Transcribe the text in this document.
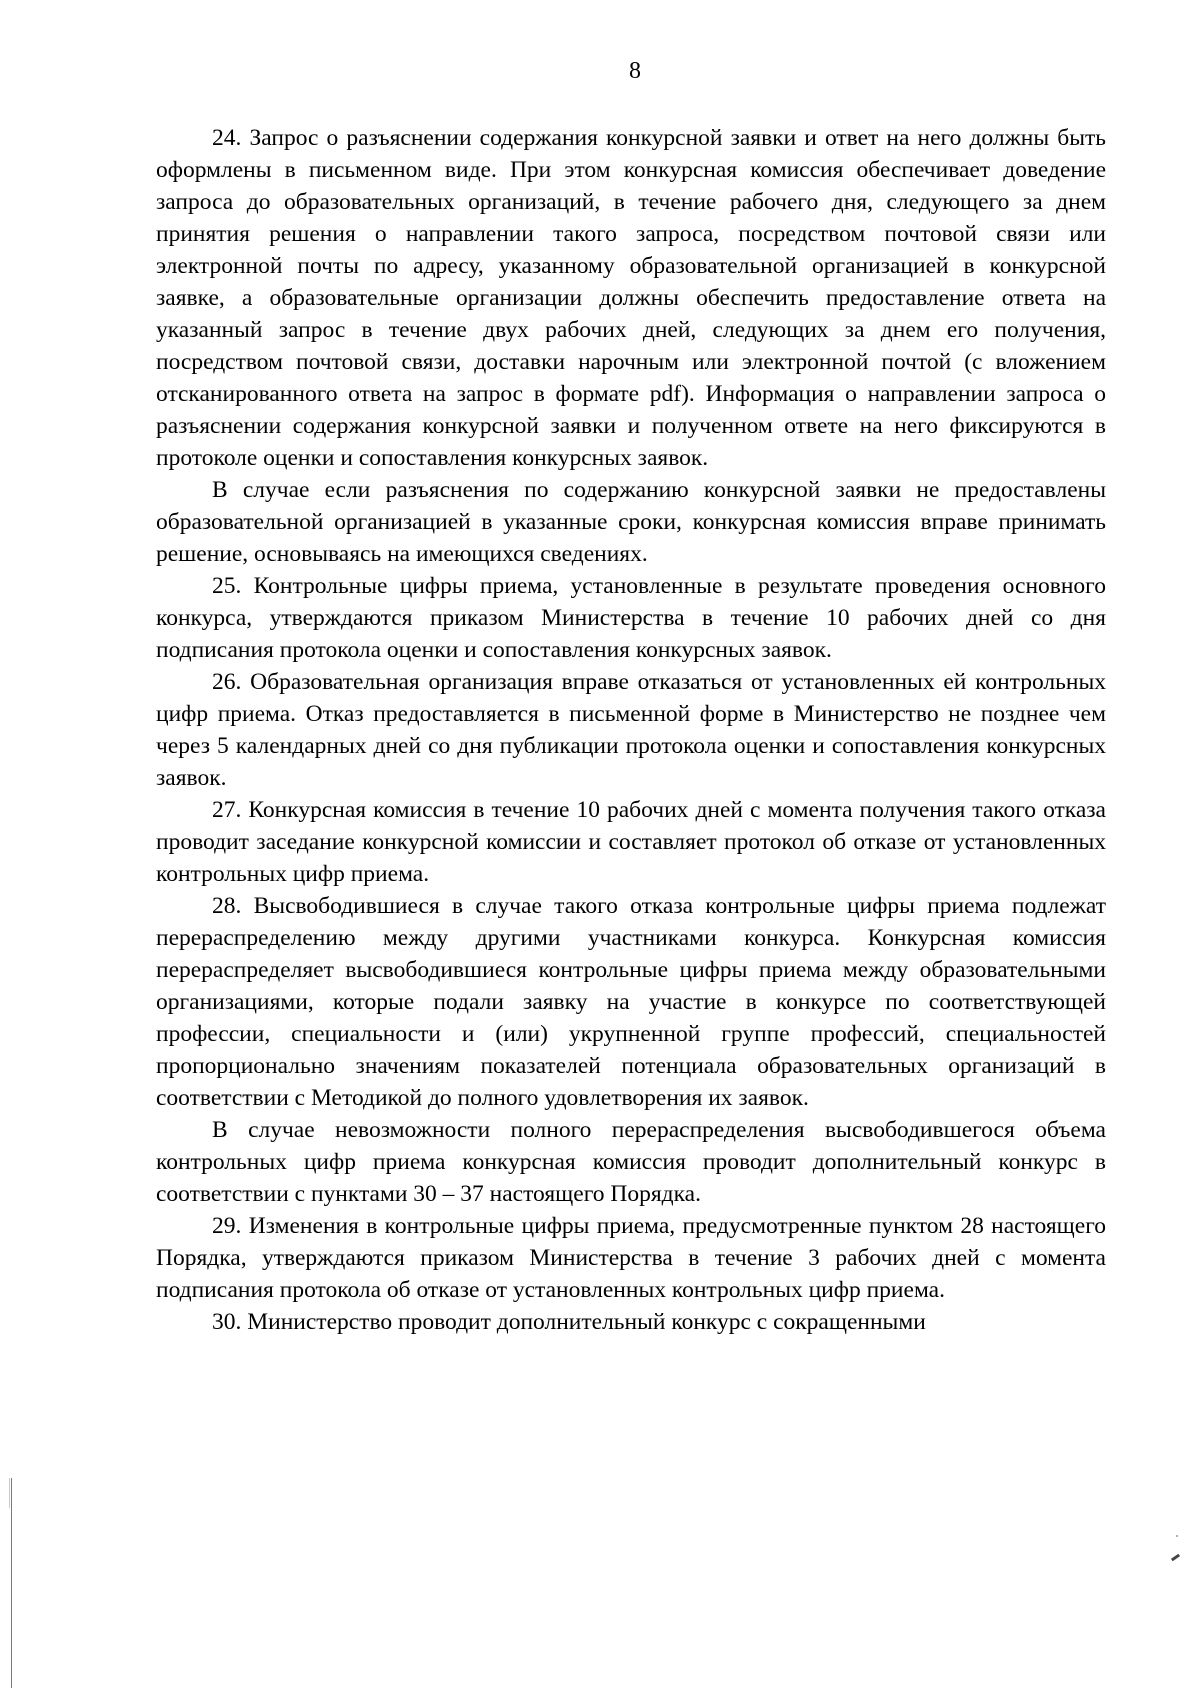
8

24. Запрос о разъяснении содержания конкурсной заявки и ответ на него должны быть оформлены в письменном виде. При этом конкурсная комиссия обеспечивает доведение запроса до образовательных организаций, в течение рабочего дня, следующего за днем принятия решения о направлении такого запроса, посредством почтовой связи или электронной почты по адресу, указанному образовательной организацией в конкурсной заявке, а образовательные организации должны обеспечить предоставление ответа на указанный запрос в течение двух рабочих дней, следующих за днем его получения, посредством почтовой связи, доставки нарочным или электронной почтой (с вложением отсканированного ответа на запрос в формате pdf). Информация о направлении запроса о разъяснении содержания конкурсной заявки и полученном ответе на него фиксируются в протоколе оценки и сопоставления конкурсных заявок.

В случае если разъяснения по содержанию конкурсной заявки не предоставлены образовательной организацией в указанные сроки, конкурсная комиссия вправе принимать решение, основываясь на имеющихся сведениях.

25. Контрольные цифры приема, установленные в результате проведения основного конкурса, утверждаются приказом Министерства в течение 10 рабочих дней со дня подписания протокола оценки и сопоставления конкурсных заявок.

26. Образовательная организация вправе отказаться от установленных ей контрольных цифр приема. Отказ предоставляется в письменной форме в Министерство не позднее чем через 5 календарных дней со дня публикации протокола оценки и сопоставления конкурсных заявок.

27. Конкурсная комиссия в течение 10 рабочих дней с момента получения такого отказа проводит заседание конкурсной комиссии и составляет протокол об отказе от установленных контрольных цифр приема.

28. Высвободившиеся в случае такого отказа контрольные цифры приема подлежат перераспределению между другими участниками конкурса. Конкурсная комиссия перераспределяет высвободившиеся контрольные цифры приема между образовательными организациями, которые подали заявку на участие в конкурсе по соответствующей профессии, специальности и (или) укрупненной группе профессий, специальностей пропорционально значениям показателей потенциала образовательных организаций в соответствии с Методикой до полного удовлетворения их заявок.

В случае невозможности полного перераспределения высвободившегося объема контрольных цифр приема конкурсная комиссия проводит дополнительный конкурс в соответствии с пунктами 30 – 37 настоящего Порядка.

29. Изменения в контрольные цифры приема, предусмотренные пунктом 28 настоящего Порядка, утверждаются приказом Министерства в течение 3 рабочих дней с момента подписания протокола об отказе от установленных контрольных цифр приема.

30. Министерство проводит дополнительный конкурс с сокращенными
